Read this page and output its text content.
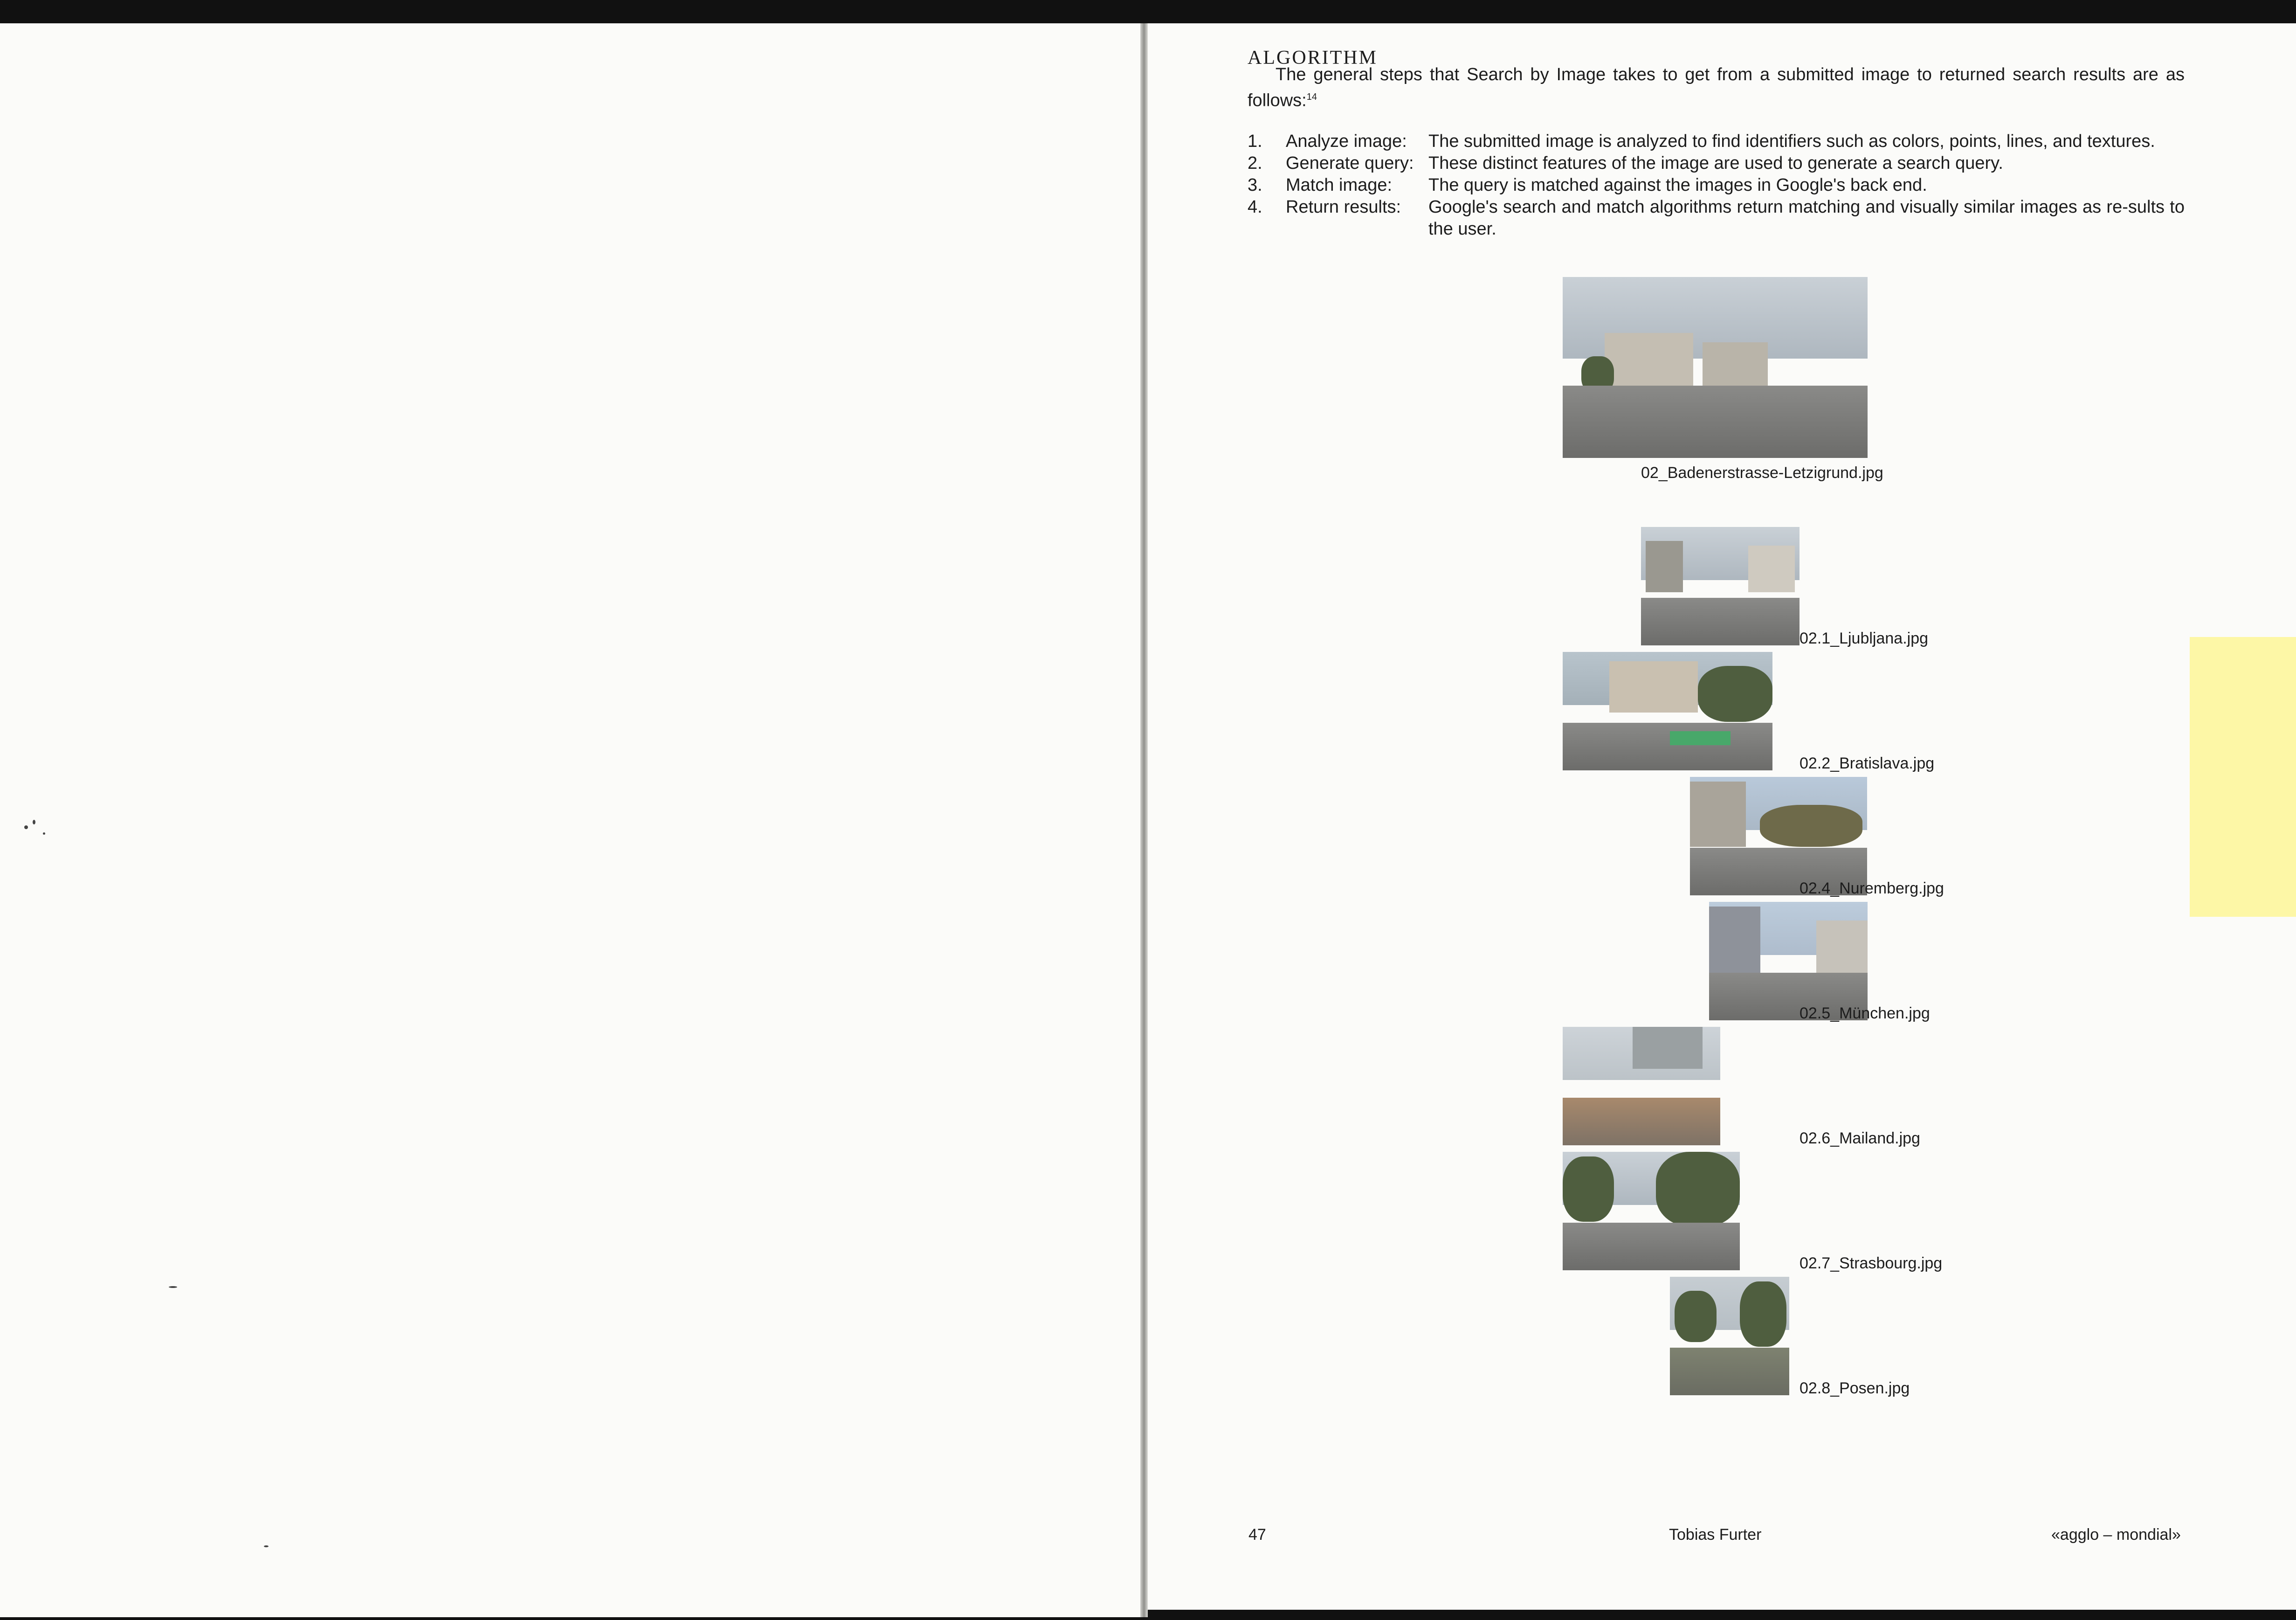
ALGORITHM
The general steps that Search by Image takes to get from a submitted image to returned search results are as follows:$^{14}$
1.	Analyze image:	The submitted image is analyzed to find identifiers such as colors, points, lines, and textures.
2.	Generate query: These distinct features of the image are used to generate a search query.
3.	Match image:	The query is matched against the images in Google's back end.
4.	Return results:	Google's search and match algorithms return matching and visually similar images as re-sults to the user.
02_Badenerstrasse-Letzigrund.jpg
02.1_Ljubljana.jpg
02.2_Bratislava.jpg
02.4_Nuremberg.jpg
02.5_München.jpg
02.6_Mailand.jpg
02.7_Strasbourg.jpg
02.8_Posen.jpg
47	Tobias Furter	«agglo – mondial»
